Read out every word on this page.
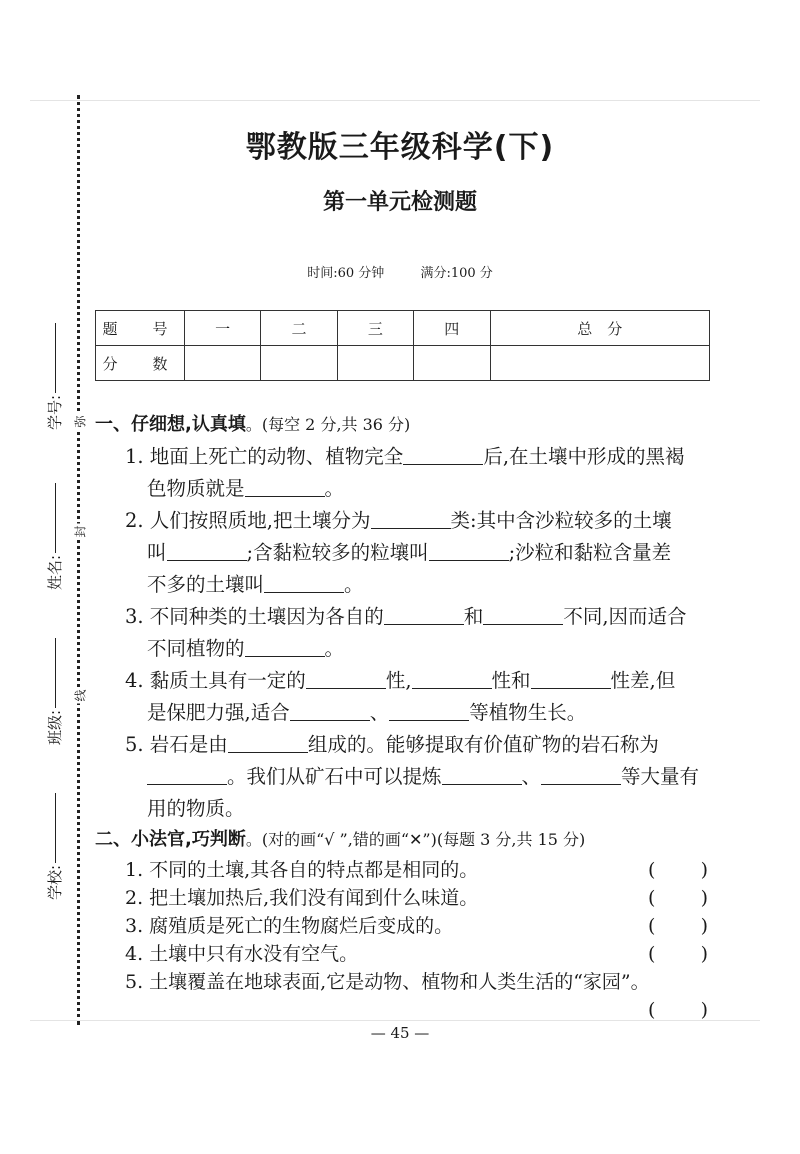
学号:
姓名:
班级:
学校:
弥
封
线
鄂教版三年级科学(下)
第一单元检测题
时间:60 分钟	满分:100 分
题　号	一	二	三	四	总　分
分　数					
一、仔细想,认真填。(每空 2 分,共 36 分)
1. 地面上死亡的动物、植物完全	后,在土壤中形成的黑褐
色物质就是	。
2. 人们按照质地,把土壤分为	类:其中含沙粒较多的土壤
叫	;含黏粒较多的粒壤叫	;沙粒和黏粒含量差
不多的土壤叫	。
3. 不同种类的土壤因为各自的	和	不同,因而适合
不同植物的	。
4. 黏质土具有一定的	性,	性和	性差,但
是保肥力强,适合	、	等植物生长。
5. 岩石是由	组成的。能够提取有价值矿物的岩石称为
。我们从矿石中可以提炼	、	等大量有
用的物质。
二、小法官,巧判断。(对的画“√ ”,错的画“✕”)(每题 3 分,共 15 分)
1. 不同的土壤,其各自的特点都是相同的。	( )
2. 把土壤加热后,我们没有闻到什么味道。	( )
3. 腐殖质是死亡的生物腐烂后变成的。	( )
4. 土壤中只有水没有空气。	( )
5. 土壤覆盖在地球表面,它是动物、植物和人类生活的“家园”。
( )
— 45 —
